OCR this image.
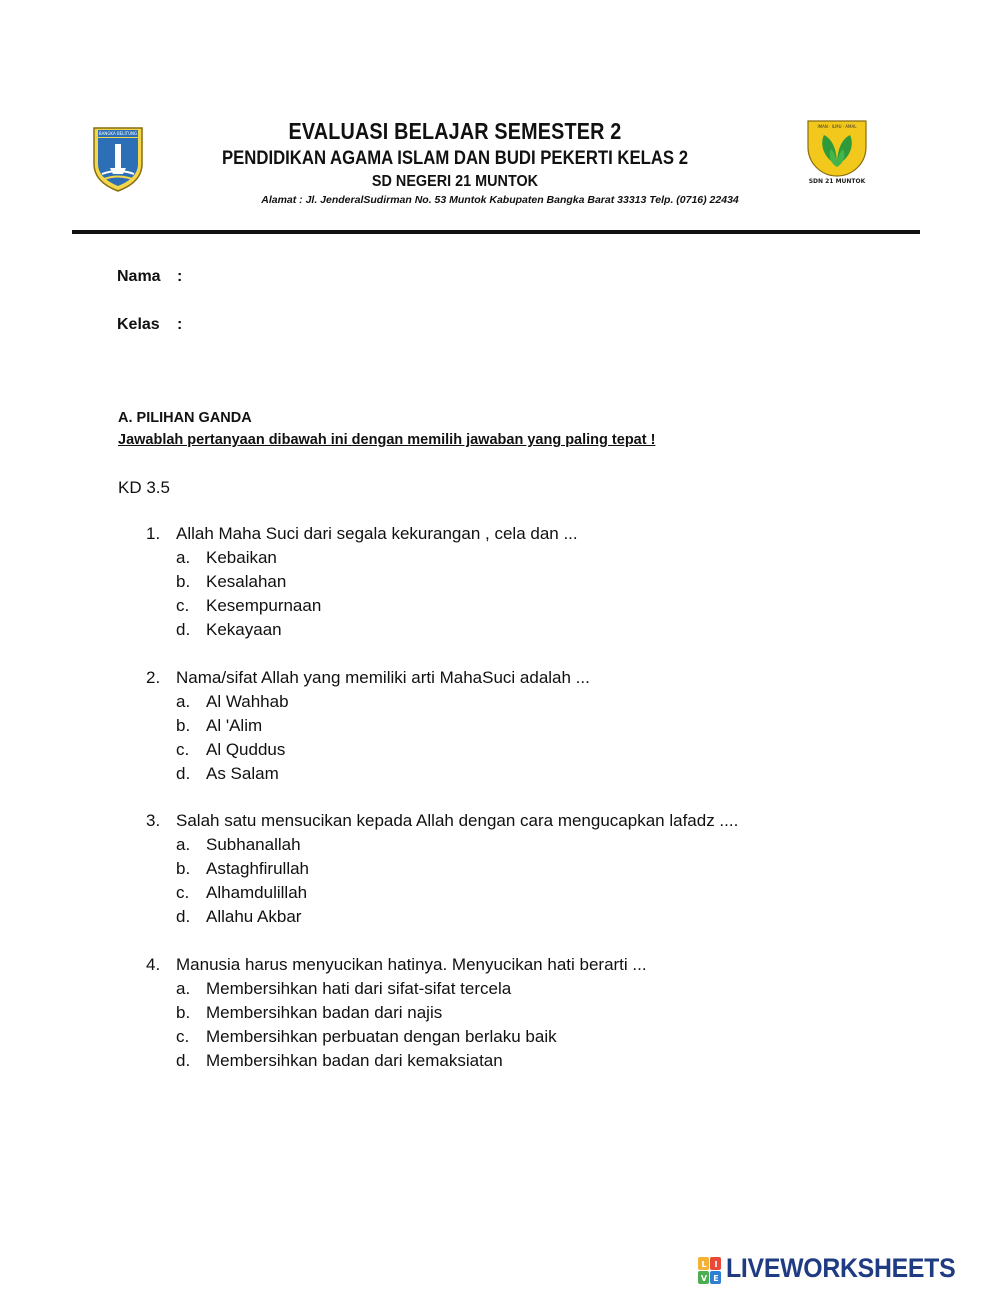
BANGKA BELITUNG
IMAN · ILMU · AMAL
SDN 21 MUNTOK
EVALUASI BELAJAR SEMESTER 2
PENDIDIKAN AGAMA ISLAM DAN BUDI PEKERTI KELAS 2
SD NEGERI 21 MUNTOK
Alamat : Jl. JenderalSudirman No. 53 Muntok Kabupaten Bangka Barat 33313 Telp. (0716) 22434
Nama :
Kelas :
A. PILIHAN GANDA
Jawablah pertanyaan dibawah ini dengan memilih jawaban yang paling tepat !
KD 3.5
1. Allah Maha Suci dari segala kekurangan , cela dan ...
a. Kebaikan
b. Kesalahan
c. Kesempurnaan
d. Kekayaan
2. Nama/sifat Allah yang memiliki arti MahaSuci adalah ...
a. Al Wahhab
b. Al 'Alim
c. Al Quddus
d. As Salam
3. Salah satu mensucikan kepada Allah dengan cara mengucapkan lafadz ....
a. Subhanallah
b. Astaghfirullah
c. Alhamdulillah
d. Allahu Akbar
4. Manusia harus menyucikan hatinya. Menyucikan hati berarti ...
a. Membersihkan hati dari sifat-sifat tercela
b. Membersihkan badan dari najis
c. Membersihkan perbuatan dengan berlaku baik
d. Membersihkan badan dari kemaksiatan
L I
V E LIVEWORKSHEETS
